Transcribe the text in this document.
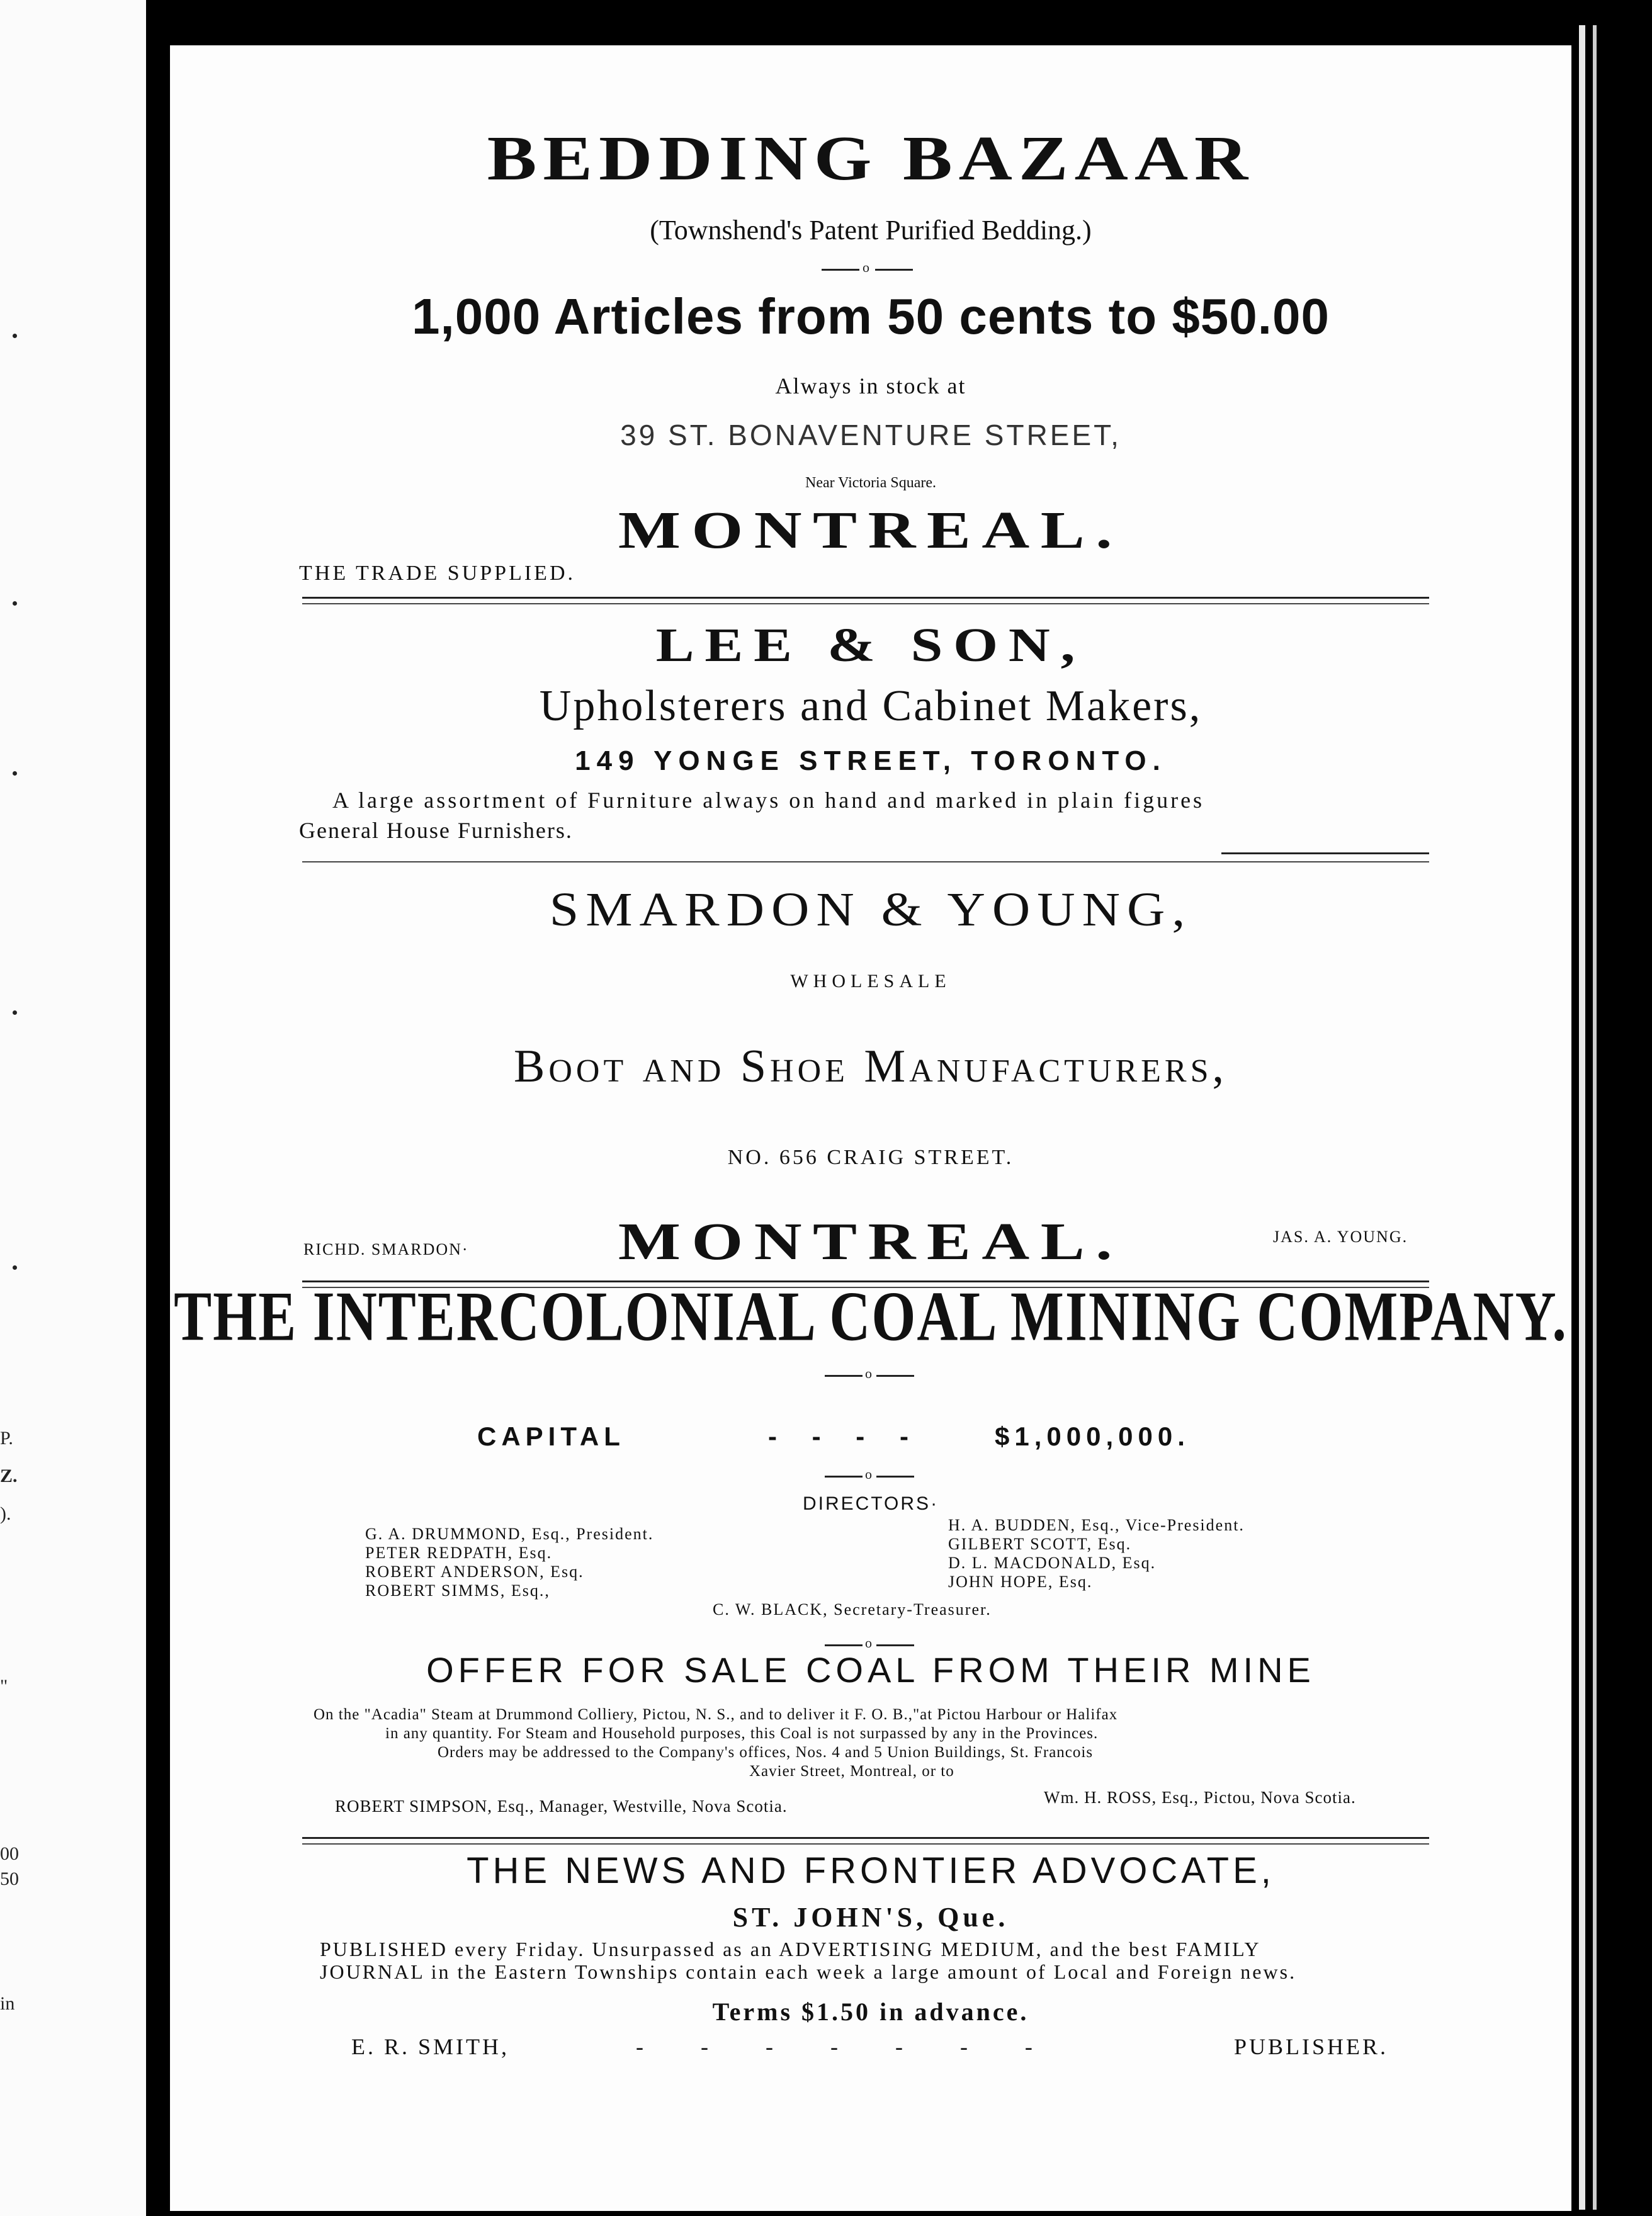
P.
Z.
).
"
00
50
in
BEDDING BAZAAR
(Townshend's Patent Purified Bedding.)
o
1,000 Articles from 50 cents to $50.00
Always in stock at
39 ST. BONAVENTURE STREET,
Near Victoria Square.
MONTREAL.
THE TRADE SUPPLIED.
LEE & SON,
Upholsterers and Cabinet Makers,
149 YONGE STREET, TORONTO.
A large assortment of Furniture always on hand and marked in plain figures
General House Furnishers.
SMARDON & YOUNG,
WHOLESALE
Boot and Shoe Manufacturers,
NO. 656 CRAIG STREET.
RICHD. SMARDON·	MONTREAL.	JAS. A. YOUNG.
THE INTERCOLONIAL COAL MINING COMPANY.
o
CAPITAL	- - - -	$1,000,000.
o
DIRECTORS·
G. A. DRUMMOND, Esq., President.
PETER REDPATH, Esq.
ROBERT ANDERSON, Esq.
ROBERT SIMMS, Esq.,
H. A. BUDDEN, Esq., Vice-President.
GILBERT SCOTT, Esq.
D. L. MACDONALD, Esq.
JOHN HOPE, Esq.
C. W. BLACK, Secretary-Treasurer.
o
OFFER FOR SALE COAL FROM THEIR MINE
On the "Acadia" Steam at Drummond Colliery, Pictou, N. S., and to deliver it F. O. B.,"at Pictou Harbour or Halifax
in any quantity. For Steam and Household purposes, this Coal is not surpassed by any in the Provinces.
Orders may be addressed to the Company's offices, Nos. 4 and 5 Union Buildings, St. Francois
Xavier Street, Montreal, or to
ROBERT SIMPSON, Esq., Manager, Westville, Nova Scotia.	Wm. H. ROSS, Esq., Pictou, Nova Scotia.
THE NEWS AND FRONTIER ADVOCATE,
ST. JOHN'S, Que.
PUBLISHED every Friday. Unsurpassed as an ADVERTISING MEDIUM, and the best FAMILY
JOURNAL in the Eastern Townships contain each week a large amount of Local and Foreign news.
Terms $1.50 in advance.
E. R. SMITH,	- - - - - - -	PUBLISHER.
